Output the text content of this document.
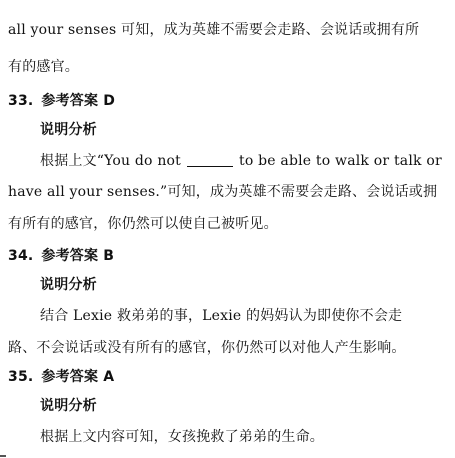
all your senses 可知，成为英雄不需要会走路、会说话或拥有所
有的感官。
33. 参考答案 D
说明分析
根据上文“You do not	to be able to walk or talk or
have all your senses.”可知，成为英雄不需要会走路、会说话或拥
有所有的感官，你仍然可以使自己被听见。
34. 参考答案 B
说明分析
结合 Lexie 救弟弟的事，Lexie 的妈妈认为即使你不会走
路、不会说话或没有所有的感官，你仍然可以对他人产生影响。
35. 参考答案 A
说明分析
根据上文内容可知，女孩挽救了弟弟的生命。
